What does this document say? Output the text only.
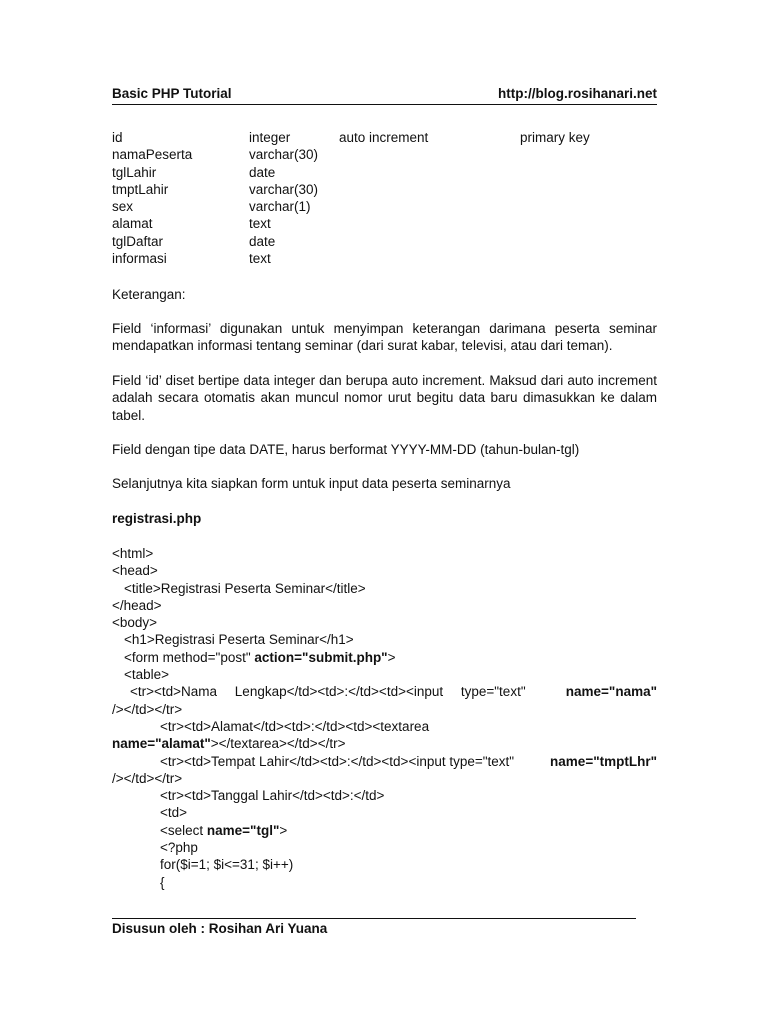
Basic PHP Tutorial	http://blog.rosihanari.net
id	integer	auto increment	primary key
namaPeserta	varchar(30)
tglLahir	date
tmptLahir	varchar(30)
sex	varchar(1)
alamat	text
tglDaftar	date
informasi	text

Keterangan:

Field ‘informasi’ digunakan untuk menyimpan keterangan darimana peserta seminar mendapatkan informasi tentang seminar (dari surat kabar, televisi, atau dari teman).

Field ‘id’ diset bertipe data integer dan berupa auto increment. Maksud dari auto increment adalah secara otomatis akan muncul nomor urut begitu data baru dimasukkan ke dalam tabel.

Field dengan tipe data DATE, harus berformat YYYY-MM-DD (tahun-bulan-tgl)

Selanjutnya kita siapkan form untuk input data peserta seminarnya

registrasi.php

<html>
<head>
<title>Registrasi Peserta Seminar</title>
</head>
<body>
<h1>Registrasi Peserta Seminar</h1>
<form method="post" action="submit.php">
<table>
<tr><td>Nama Lengkap</td><td>:</td><td><input type="text"	name="nama"
/></td></tr>
<tr><td>Alamat</td><td>:</td><td><textarea
name="alamat"></textarea></td></tr>
<tr><td>Tempat Lahir</td><td>:</td><td><input type="text"	name="tmptLhr"
/></td></tr>
<tr><td>Tanggal Lahir</td><td>:</td>
<td>
<select name="tgl">
<?php
for($i=1; $i<=31; $i++)
{
Disusun oleh : Rosihan Ari Yuana
